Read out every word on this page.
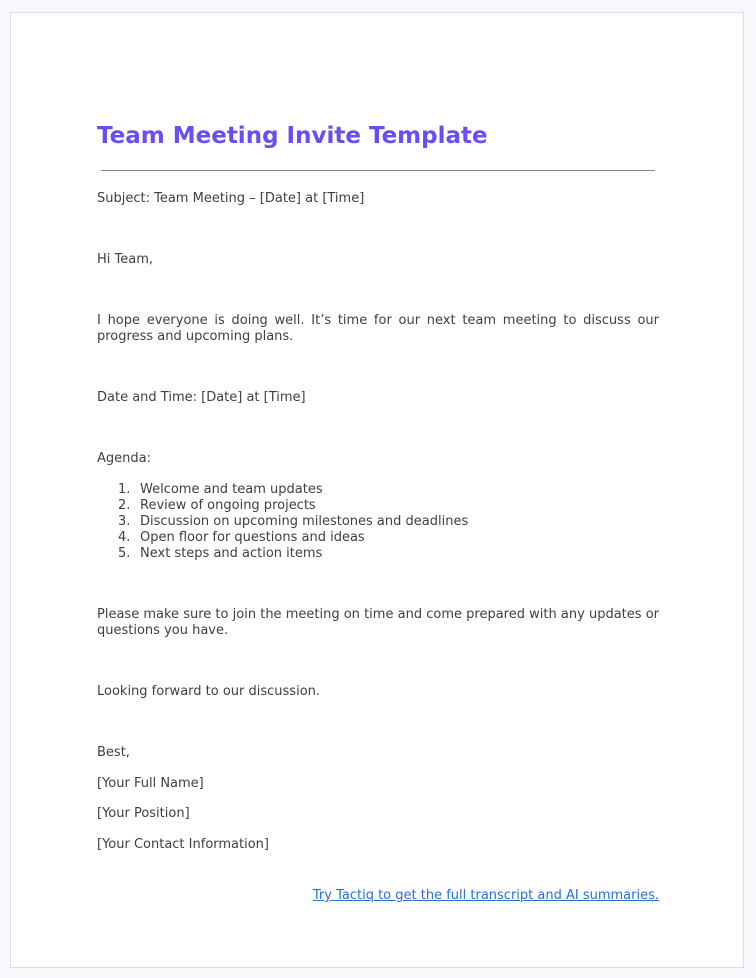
Team Meeting Invite Template

Subject: Team Meeting – [Date] at [Time]

Hi Team,

I hope everyone is doing well. It’s time for our next team meeting to discuss our progress and upcoming plans.

Date and Time: [Date] at [Time]

Agenda:

1. Welcome and team updates
2. Review of ongoing projects
3. Discussion on upcoming milestones and deadlines
4. Open floor for questions and ideas
5. Next steps and action items

Please make sure to join the meeting on time and come prepared with any updates or questions you have.

Looking forward to our discussion.

Best,

[Your Full Name]

[Your Position]

[Your Contact Information]

Try Tactiq to get the full transcript and AI summaries.
